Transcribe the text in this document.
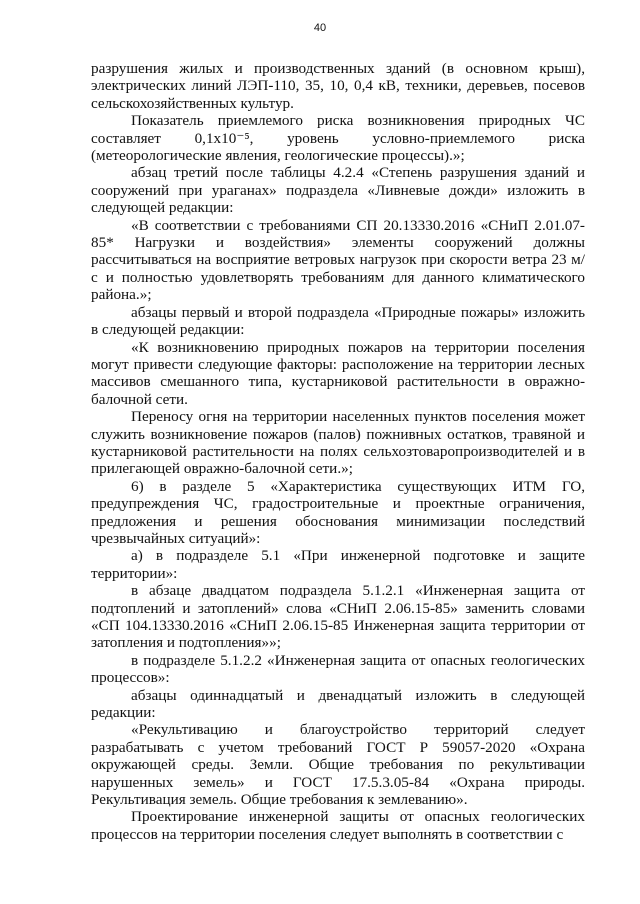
40

разрушения жилых и производственных зданий (в основном крыш), электрических линий ЛЭП-110, 35, 10, 0,4 кВ, техники, деревьев, посевов сельскохозяйственных культур.

Показатель приемлемого риска возникновения природных ЧС составляет 0,1x10⁻⁵, уровень условно-приемлемого риска (метеорологические явления, геологические процессы).»;

абзац третий после таблицы 4.2.4 «Степень разрушения зданий и сооружений при ураганах» подраздела «Ливневые дожди» изложить в следующей редакции:

«В соответствии с требованиями СП 20.13330.2016 «СНиП 2.01.07-85* Нагрузки и воздействия» элементы сооружений должны рассчитываться на восприятие ветровых нагрузок при скорости ветра 23 м/с и полностью удовлетворять требованиям для данного климатического района.»;

абзацы первый и второй подраздела «Природные пожары» изложить в следующей редакции:

«К возникновению природных пожаров на территории поселения могут привести следующие факторы: расположение на территории лесных массивов смешанного типа, кустарниковой растительности в овражно-балочной сети.

Переносу огня на территории населенных пунктов поселения может служить возникновение пожаров (палов) пожнивных остатков, травяной и кустарниковой растительности на полях сельхозтоваропроизводителей и в прилегающей овражно-балочной сети.»;

6) в разделе 5 «Характеристика существующих ИТМ ГО, предупреждения ЧС, градостроительные и проектные ограничения, предложения и решения обоснования минимизации последствий чрезвычайных ситуаций»:

а) в подразделе 5.1 «При инженерной подготовке и защите территории»:

в абзаце двадцатом подраздела 5.1.2.1 «Инженерная защита от подтоплений и затоплений» слова «СНиП 2.06.15-85» заменить словами «СП 104.13330.2016 «СНиП 2.06.15-85 Инженерная защита территории от затопления и подтопления»»;

в подразделе 5.1.2.2 «Инженерная защита от опасных геологических процессов»:

абзацы одиннадцатый и двенадцатый изложить в следующей редакции:

«Рекультивацию и благоустройство территорий следует разрабатывать с учетом требований ГОСТ Р 59057-2020 «Охрана окружающей среды. Земли. Общие требования по рекультивации нарушенных земель» и ГОСТ 17.5.3.05-84 «Охрана природы. Рекультивация земель. Общие требования к землеванию».

Проектирование инженерной защиты от опасных геологических процессов на территории поселения следует выполнять в соответствии с
